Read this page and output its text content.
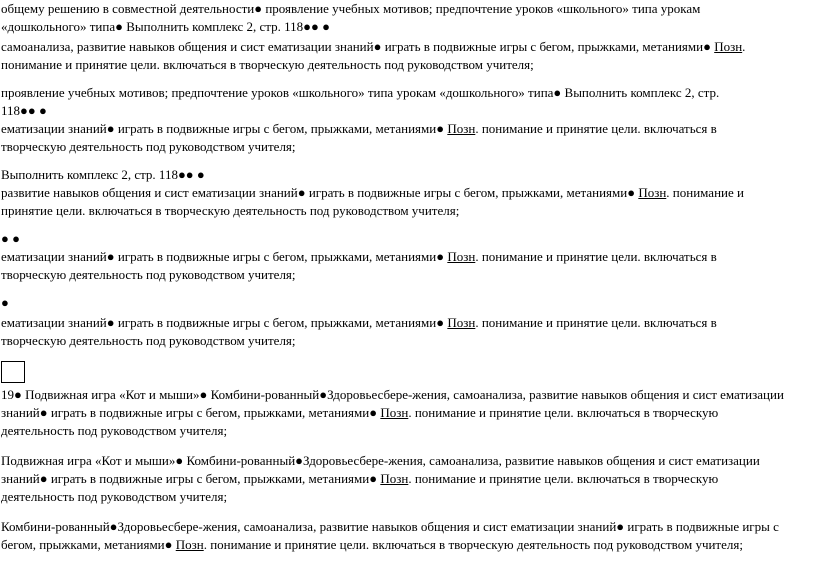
общему решению в совместной деятельности● проявление учебных мотивов; предпочтение уроков «школьного» типа урокам
«дошкольного» типа● Выполнить комплекс 2, стр. 118●● ●
самоанализа, развитие навыков общения и сист ематизации знаний● играть в подвижные игры с бегом, прыжками, метаниями● Позн.
понимание и принятие цели. включаться в творческую деятельность под руководством учителя;
проявление учебных мотивов; предпочтение уроков «школьного» типа урокам «дошкольного» типа● Выполнить комплекс 2, стр.
118●● ●
ематизации знаний● играть в подвижные игры с бегом, прыжками, метаниями● Позн. понимание и принятие цели. включаться в
творческую деятельность под руководством учителя;
Выполнить комплекс 2, стр. 118●● ●
развитие навыков общения и сист ематизации знаний● играть в подвижные игры с бегом, прыжками, метаниями● Позн. понимание и
принятие цели. включаться в творческую деятельность под руководством учителя;
● ●
ематизации знаний● играть в подвижные игры с бегом, прыжками, метаниями● Позн. понимание и принятие цели. включаться в
творческую деятельность под руководством учителя;
●
ематизации знаний● играть в подвижные игры с бегом, прыжками, метаниями● Позн. понимание и принятие цели. включаться в
творческую деятельность под руководством учителя;
19● Подвижная игра «Кот и мыши»● Комбини-рованный●Здоровьесбере-жения, самоанализа, развитие навыков общения и сист ематизации
знаний● играть в подвижные игры с бегом, прыжками, метаниями● Позн. понимание и принятие цели. включаться в творческую
деятельность под руководством учителя;
Подвижная игра «Кот и мыши»● Комбини-рованный●Здоровьесбере-жения, самоанализа, развитие навыков общения и сист ематизации
знаний● играть в подвижные игры с бегом, прыжками, метаниями● Позн. понимание и принятие цели. включаться в творческую
деятельность под руководством учителя;
Комбини-рованный●Здоровьесбере-жения, самоанализа, развитие навыков общения и сист ематизации знаний● играть в подвижные игры с
бегом, прыжками, метаниями● Позн. понимание и принятие цели. включаться в творческую деятельность под руководством учителя;
